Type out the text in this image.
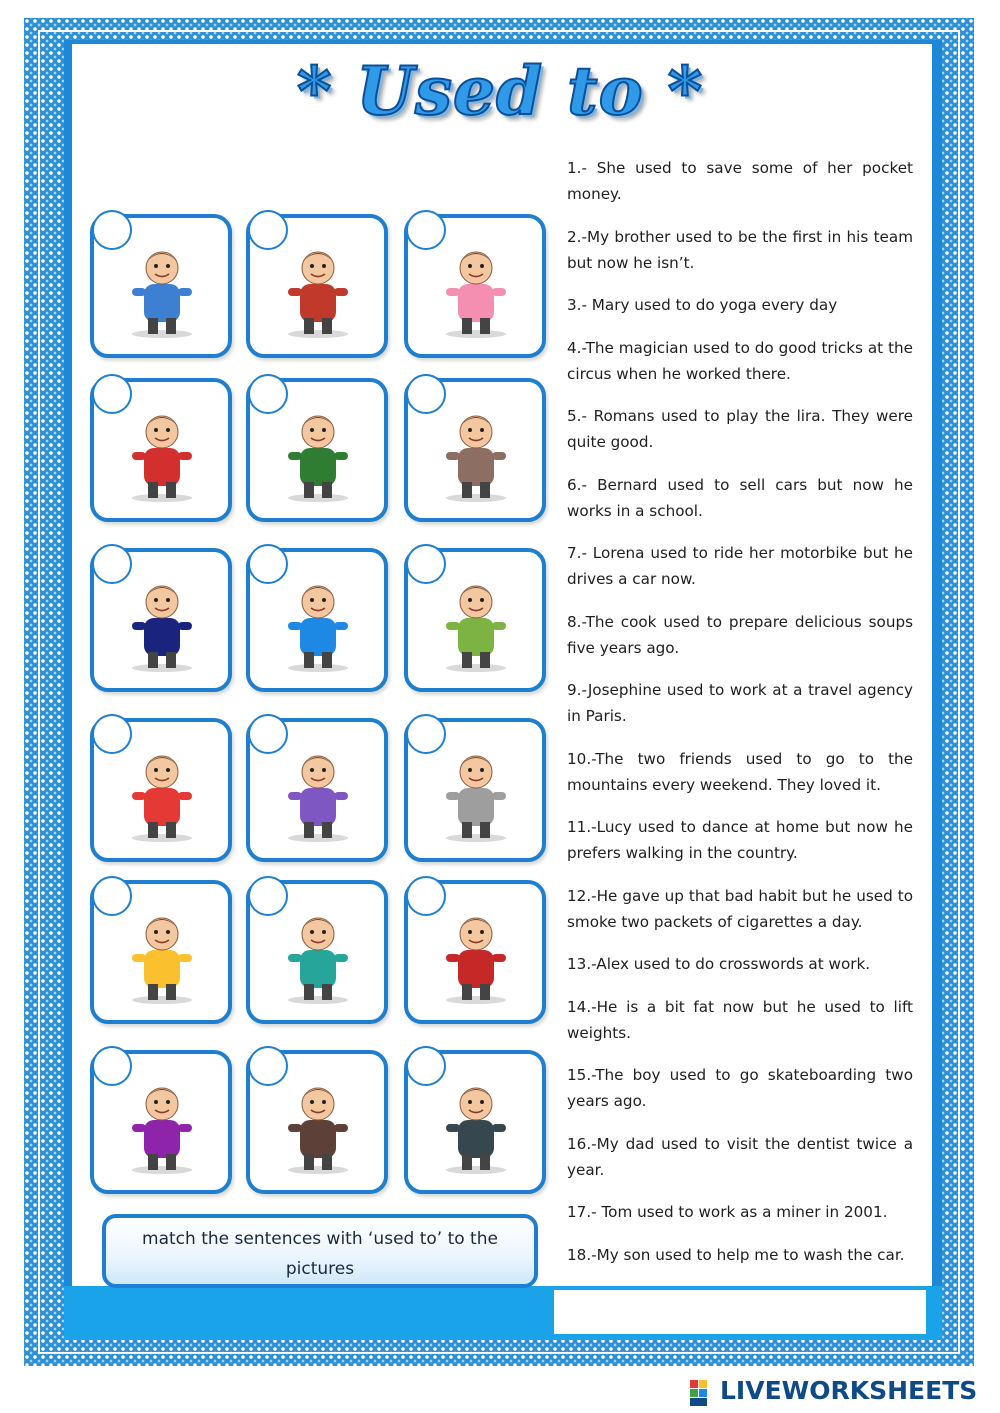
* Used to *
match the sentences with ‘used to’ to the pictures

1.- She used to save some of her pocket money.

2.-My brother used to be the first in his team but now he isn’t.

3.- Mary used to do yoga every day

4.-The magician used to do good tricks at the circus when he worked there.

5.- Romans used to play the lira. They were quite good.

6.- Bernard used to sell cars but now he works in a school.

7.- Lorena used to ride her motorbike but he drives a car now.

8.-The cook used to prepare delicious soups five years ago.

9.-Josephine used to work at a travel agency in Paris.

10.-The two friends used to go to the mountains every weekend. They loved it.

11.-Lucy used to dance at home but now he prefers walking in the country.

12.-He gave up that bad habit but he used to smoke two packets of cigarettes a day.

13.-Alex used to do crosswords at work.

14.-He is a bit fat now but he used to lift weights.

15.-The boy used to go skateboarding two years ago.

16.-My dad used to visit the dentist twice a year.

17.- Tom used to work as a miner in 2001.

18.-My son used to help me to wash the car.

LIVEWORKSHEETS
